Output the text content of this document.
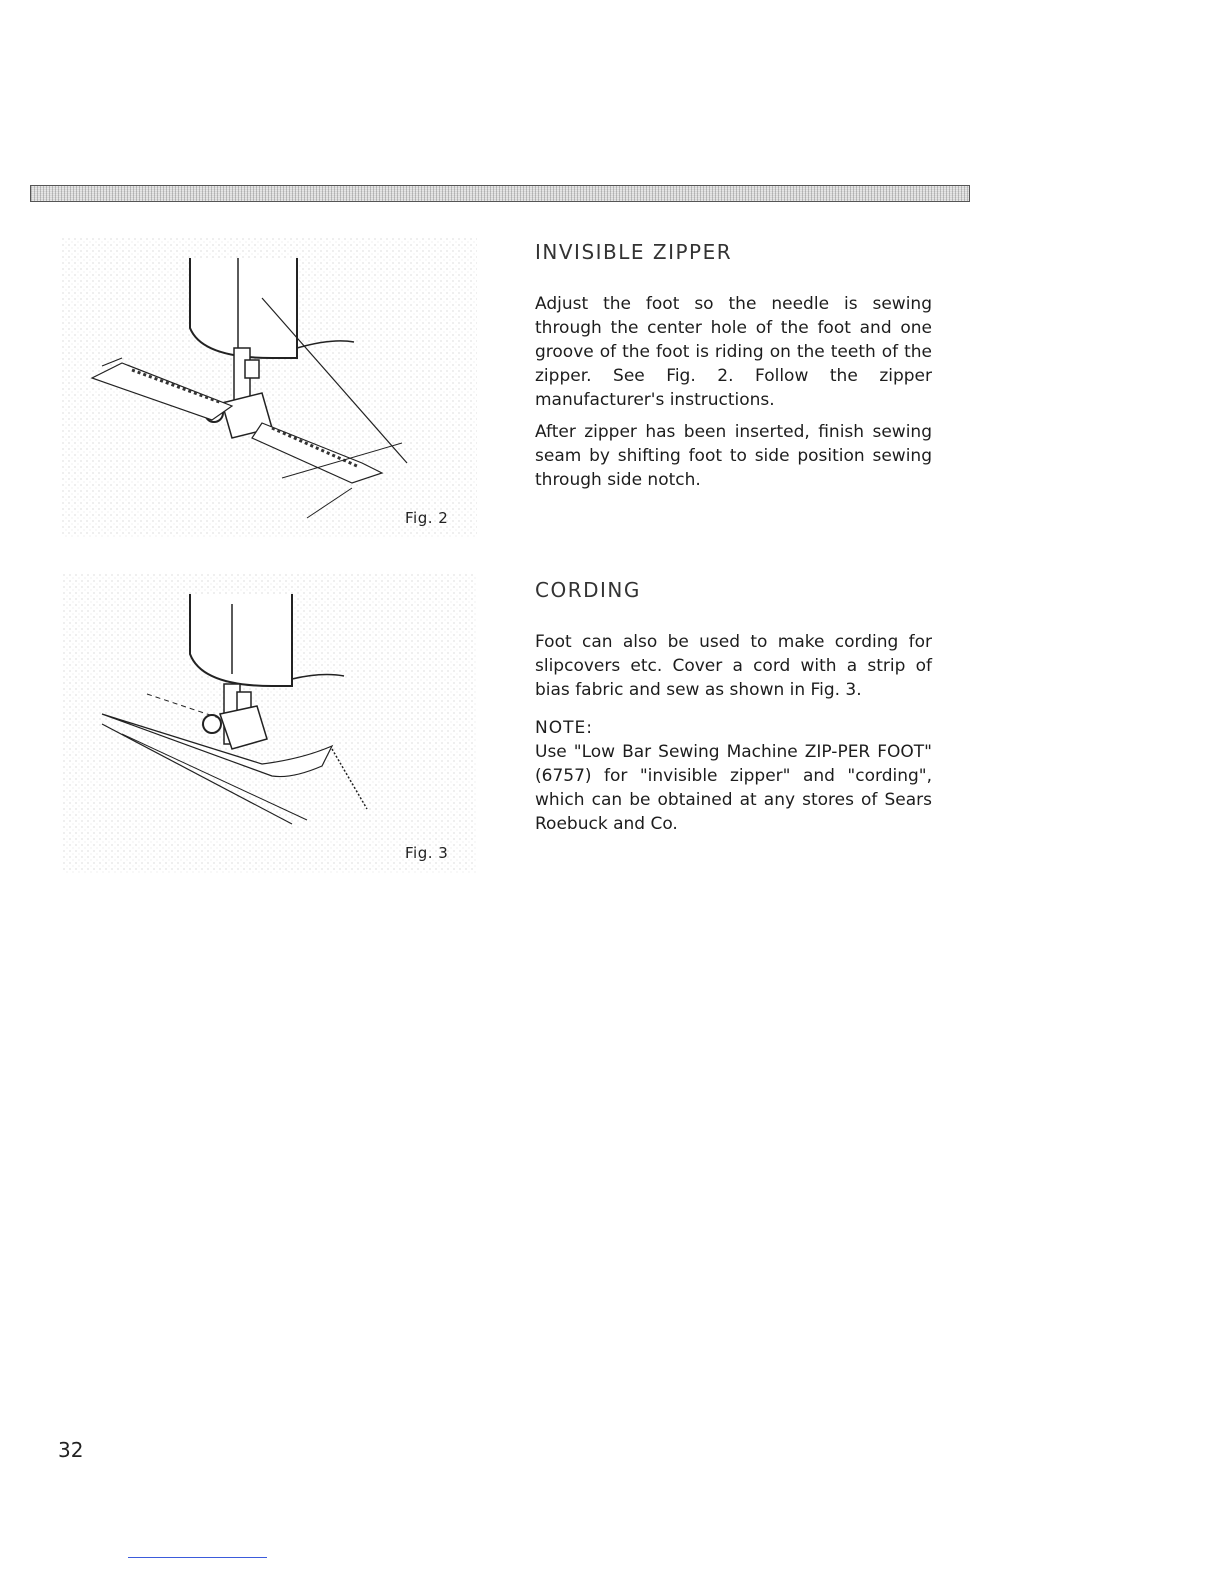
Fig. 2
Fig. 3
INVISIBLE ZIPPER

Adjust the foot so the needle is sewing through the center hole of the foot and one groove of the foot is riding on the teeth of the zipper. See Fig. 2. Follow the zipper manufacturer's instructions.

After zipper has been inserted, finish sewing seam by shifting foot to side position sewing through side notch.

CORDING

Foot can also be used to make cording for slipcovers etc. Cover a cord with a strip of bias fabric and sew as shown in Fig. 3.

NOTE:

Use "Low Bar Sewing Machine ZIP-PER FOOT" (6757) for "invisible zipper" and "cording", which can be obtained at any stores of Sears Roebuck and Co.

32
